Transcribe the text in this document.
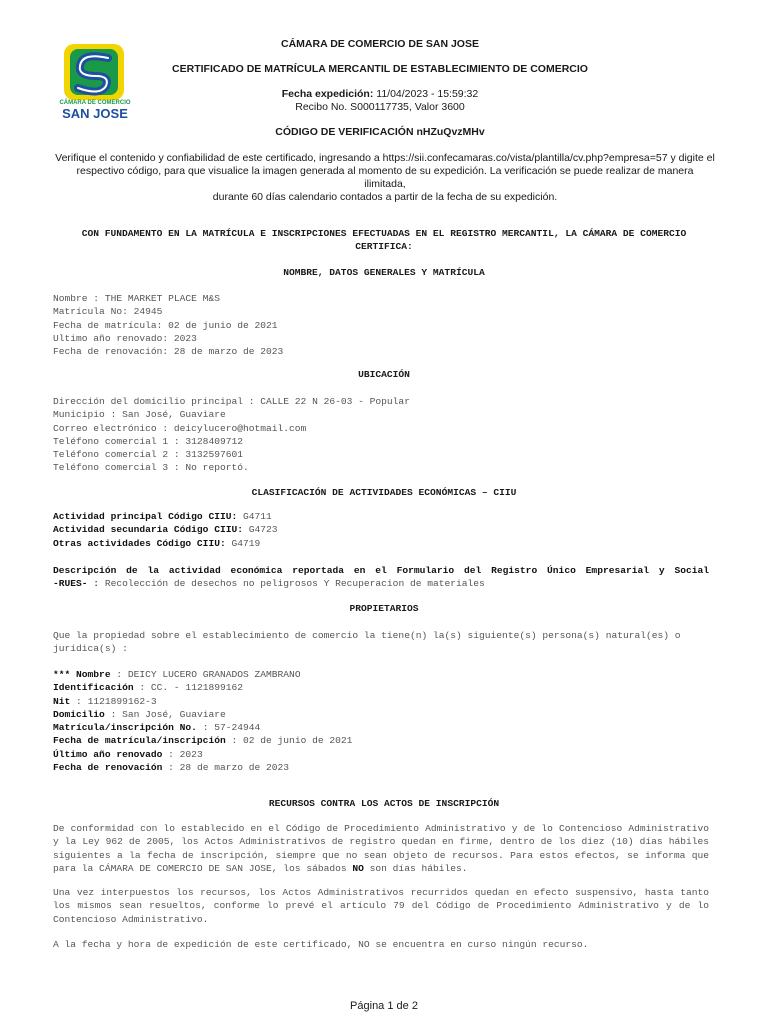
CÁMARA DE COMERCIO
SAN JOSE
CÁMARA DE COMERCIO DE SAN JOSE
CERTIFICADO DE MATRÍCULA MERCANTIL DE ESTABLECIMIENTO DE COMERCIO
Fecha expedición: 11/04/2023 - 15:59:32
Recibo No. S000117735, Valor 3600
CÓDIGO DE VERIFICACIÓN nHZuQvzMHv
Verifique el contenido y confiabilidad de este certificado, ingresando a https://sii.confecamaras.co/vista/plantilla/cv.php?empresa=57 y digite el
respectivo código, para que visualice la imagen generada al momento de su expedición. La verificación se puede realizar de manera ilimitada,
durante 60 días calendario contados a partir de la fecha de su expedición.
CON FUNDAMENTO EN LA MATRÍCULA E INSCRIPCIONES EFECTUADAS EN EL REGISTRO MERCANTIL, LA CÁMARA DE COMERCIO
CERTIFICA:
NOMBRE, DATOS GENERALES Y MATRÍCULA
Nombre : THE MARKET PLACE M&S
Matrícula No: 24945
Fecha de matrícula: 02 de junio de 2021
Ultimo año renovado: 2023
Fecha de renovación: 28 de marzo de 2023
UBICACIÓN
Dirección del domicilio principal : CALLE 22 N 26-03 - Popular
Municipio : San José, Guaviare
Correo electrónico : deicylucero@hotmail.com
Teléfono comercial 1 : 3128409712
Teléfono comercial 2 : 3132597601
Teléfono comercial 3 : No reportó.
CLASIFICACIÓN DE ACTIVIDADES ECONÓMICAS – CIIU
Actividad principal Código CIIU: G4711
Actividad secundaria Código CIIU: G4723
Otras actividades Código CIIU: G4719
Descripción de la actividad económica reportada en el Formulario del Registro Único Empresarial y Social
-RUES- : Recolección de desechos no peligrosos Y Recuperacion de materiales
PROPIETARIOS
Que la propiedad sobre el establecimiento de comercio la tiene(n) la(s) siguiente(s) persona(s) natural(es) o
jurídica(s) :
*** Nombre : DEICY LUCERO GRANADOS ZAMBRANO
Identificación : CC. - 1121899162
Nit : 1121899162-3
Domicilio : San José, Guaviare
Matrícula/inscripción No. : 57-24944
Fecha de matrícula/inscripción : 02 de junio de 2021
Último año renovado : 2023
Fecha de renovación : 28 de marzo de 2023
RECURSOS CONTRA LOS ACTOS DE INSCRIPCIÓN
De conformidad con lo establecido en el Código de Procedimiento Administrativo y de lo Contencioso Administrativo y la Ley 962 de 2005, los Actos Administrativos de registro quedan en firme, dentro de los diez (10) días hábiles siguientes a la fecha de inscripción, siempre que no sean objeto de recursos. Para estos efectos, se informa que para la CÁMARA DE COMERCIO DE SAN JOSE, los sábados NO son días hábiles.
Una vez interpuestos los recursos, los Actos Administrativos recurridos quedan en efecto suspensivo, hasta tanto los mismos sean resueltos, conforme lo prevé el artículo 79 del Código de Procedimiento Administrativo y de lo Contencioso Administrativo.
A la fecha y hora de expedición de este certificado, NO se encuentra en curso ningún recurso.
Página 1 de 2
